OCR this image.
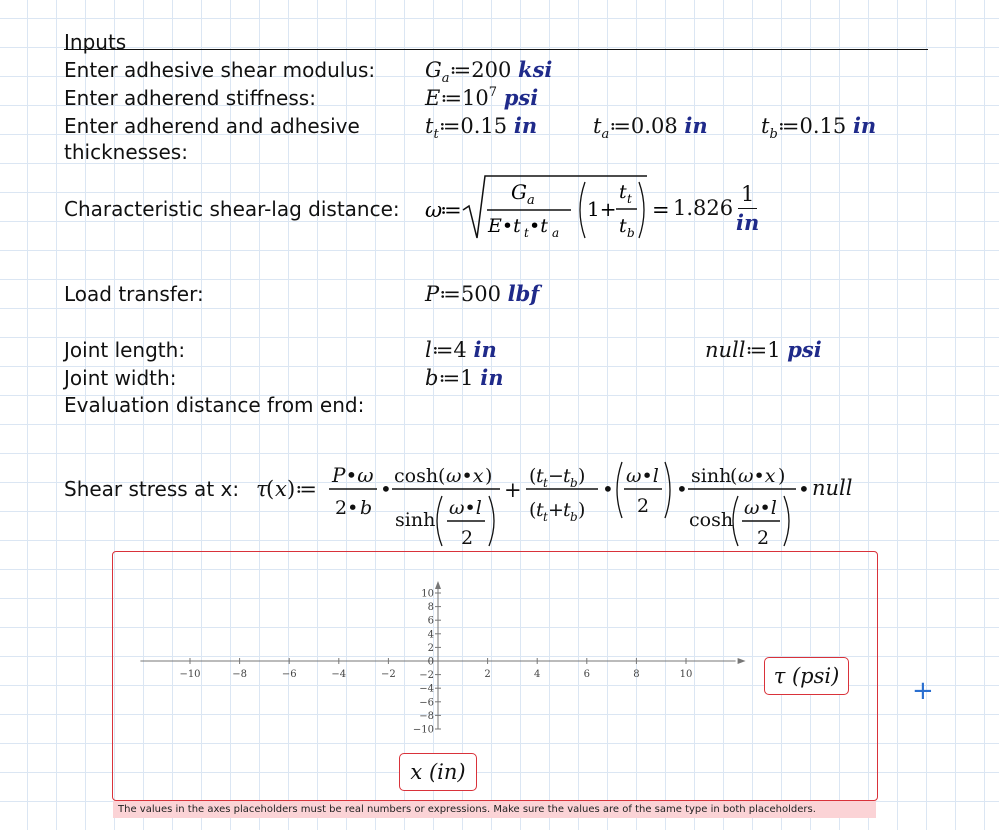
Inputs
Enter adhesive shear modulus: $G_a≔200$ ksi
Enter adherend stiffness:	$E≔10^7$ psi
Enter adherend and adhesive
thicknesses:
$t_t≔0.15$ in	$t_a≔0.08$ in	$t_b≔0.15$ in
Characteristic shear-lag distance: ω
≔
G a
E•t t •t a
1+
t t
t b
= $1.826 \frac{1}{in}$
Load transfer:	P≔500 lbf
Joint length:	l≔4 in	null≔1 psi
Joint width:	b≔1 in
Evaluation distance from end:
Shear stress at x: τ
( x )≔
P•ω
2• b
•
cosh ( ω•x )
sinh
ω•l
2
+
( t t − t b )
( t t + t b )
•
ω•l
2
•
sinh
( ω•x )
cosh
ω•l
2
• null
−10	−8	−6	−4	−2	2	4	6	8	10
−10
−8
−6
−4
−2
0
2
4
6
8
10
τ (psi)
x (in)
The values in the axes placeholders must be real numbers or expressions. Make sure the values are of the same type in both placeholders.
+
